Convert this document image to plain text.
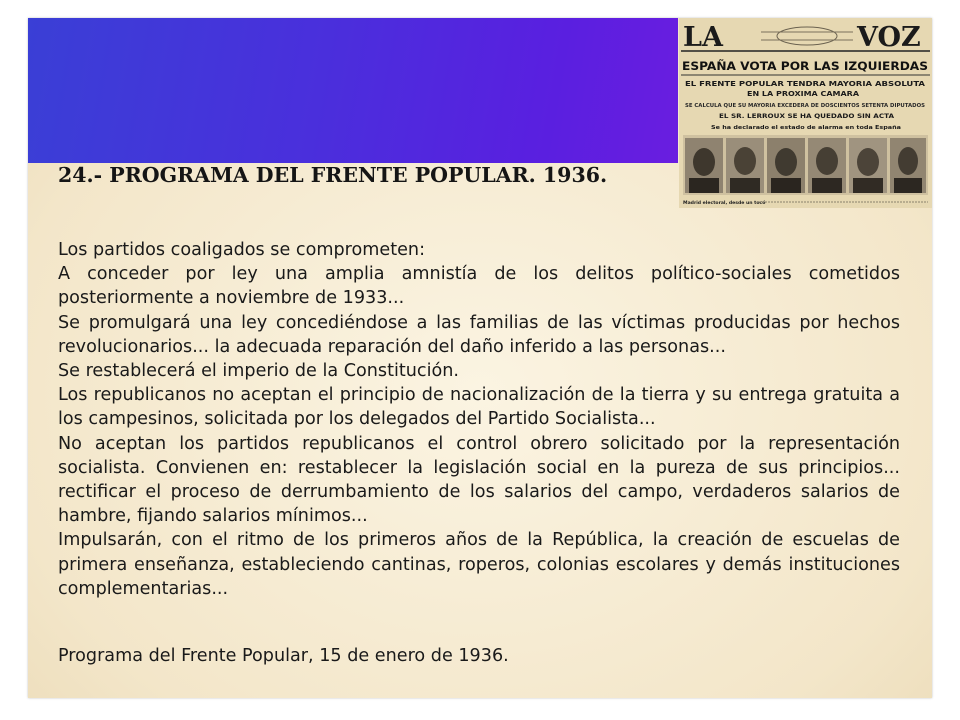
LA	VOZ
ESPAÑA VOTA POR LAS IZQUIERDAS
EL FRENTE POPULAR TENDRA MAYORIA ABSOLUTA
EN LA PROXIMA CAMARA
SE CALCULA QUE SU MAYORIA EXCEDERA DE DOSCIENTOS SETENTA DIPUTADOS
EL SR. LERROUX SE HA QUEDADO SIN ACTA
Se ha declarado el estado de alarma en toda España
Madrid electoral, desde un tocó
24.- PROGRAMA DEL FRENTE POPULAR. 1936.

Los partidos coaligados se comprometen:

A conceder por ley una amplia amnistía de los delitos político-sociales cometidos posteriormente a noviembre de 1933...

Se promulgará una ley concediéndose a las familias de las víctimas producidas por hechos revolucionarios... la adecuada reparación del daño inferido a las personas...

Se restablecerá el imperio de la Constitución.

Los republicanos no aceptan el principio de nacionalización de la tierra y su entrega gratuita a los campesinos, solicitada por los delegados del Partido Socialista...

No aceptan los partidos republicanos el control obrero solicitado por la representación socialista. Convienen en: restablecer la legislación social en la pureza de sus principios... rectificar el proceso de derrumbamiento de los salarios del campo, verdaderos salarios de hambre, fijando salarios mínimos...

Impulsarán, con el ritmo de los primeros años de la República, la creación de escuelas de primera enseñanza, estableciendo cantinas, roperos, colonias escolares y demás instituciones complementarias...

Programa del Frente Popular, 15 de enero de 1936.
